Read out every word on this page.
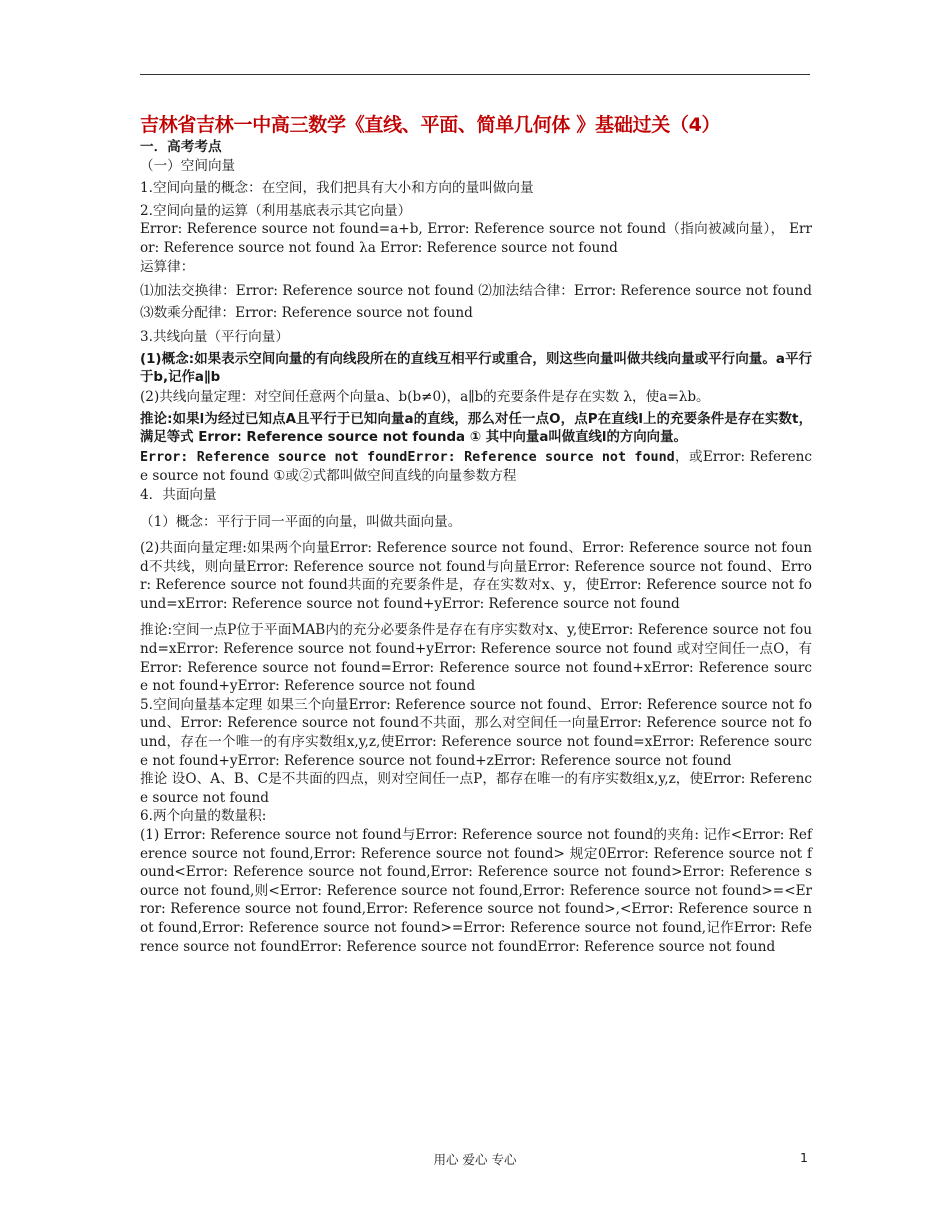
吉林省吉林一中高三数学《直线、平面、简单几何体 》基础过关（4）
一．高考考点

（一）空间向量

1.空间向量的概念：在空间，我们把具有大小和方向的量叫做向量

2.空间向量的运算（利用基底表示其它向量）

Error: Reference source not found=a+b, Error: Reference source not found（指向被减向量）， Error: Reference source not found λa Error: Reference source not found

运算律：

⑴加法交换律：Error: Reference source not found ⑵加法结合律：Error: Reference source not found ⑶数乘分配律：Error: Reference source not found

3.共线向量（平行向量）

(1)概念:如果表示空间向量的有向线段所在的直线互相平行或重合，则这些向量叫做共线向量或平行向量。a平行于b,记作a∥b

(2)共线向量定理：对空间任意两个向量a、b(b≠0)，a∥b的充要条件是存在实数 λ，使a=λb。

推论:如果l为经过已知点A且平行于已知向量a的直线，那么对任一点O，点P在直线l上的充要条件是存在实数t，满足等式 Error: Reference source not founda ① 其中向量a叫做直线l的方向向量。

Error: Reference source not foundError: Reference source not found，或Error: Reference source not found ①或②式都叫做空间直线的向量参数方程

4．共面向量

（1）概念：平行于同一平面的向量，叫做共面向量。

(2)共面向量定理:如果两个向量Error: Reference source not found、Error: Reference source not found不共线，则向量Error: Reference source not found与向量Error: Reference source not found、Error: Reference source not found共面的充要条件是，存在实数对x、y，使Error: Reference source not found=xError: Reference source not found+yError: Reference source not found

推论:空间一点P位于平面MAB内的充分必要条件是存在有序实数对x、y,使Error: Reference source not found=xError: Reference source not found+yError: Reference source not found 或对空间任一点O，有Error: Reference source not found=Error: Reference source not found+xError: Reference source not found+yError: Reference source not found

5.空间向量基本定理 如果三个向量Error: Reference source not found、Error: Reference source not found、Error: Reference source not found不共面，那么对空间任一向量Error: Reference source not found，存在一个唯一的有序实数组x,y,z,使Error: Reference source not found=xError: Reference source not found+yError: Reference source not found+zError: Reference source not found

推论 设O、A、B、C是不共面的四点，则对空间任一点P，都存在唯一的有序实数组x,y,z，使Error: Reference source not found

6.两个向量的数量积:

(1) Error: Reference source not found与Error: Reference source not found的夹角: 记作<Error: Reference source not found,Error: Reference source not found> 规定0Error: Reference source not found<Error: Reference source not found,Error: Reference source not found>Error: Reference source not found,则<Error: Reference source not found,Error: Reference source not found>=<Error: Reference source not found,Error: Reference source not found>,<Error: Reference source not found,Error: Reference source not found>=Error: Reference source not found,记作Error: Reference source not foundError: Reference source not foundError: Reference source not found

用心 爱心 专心	1
